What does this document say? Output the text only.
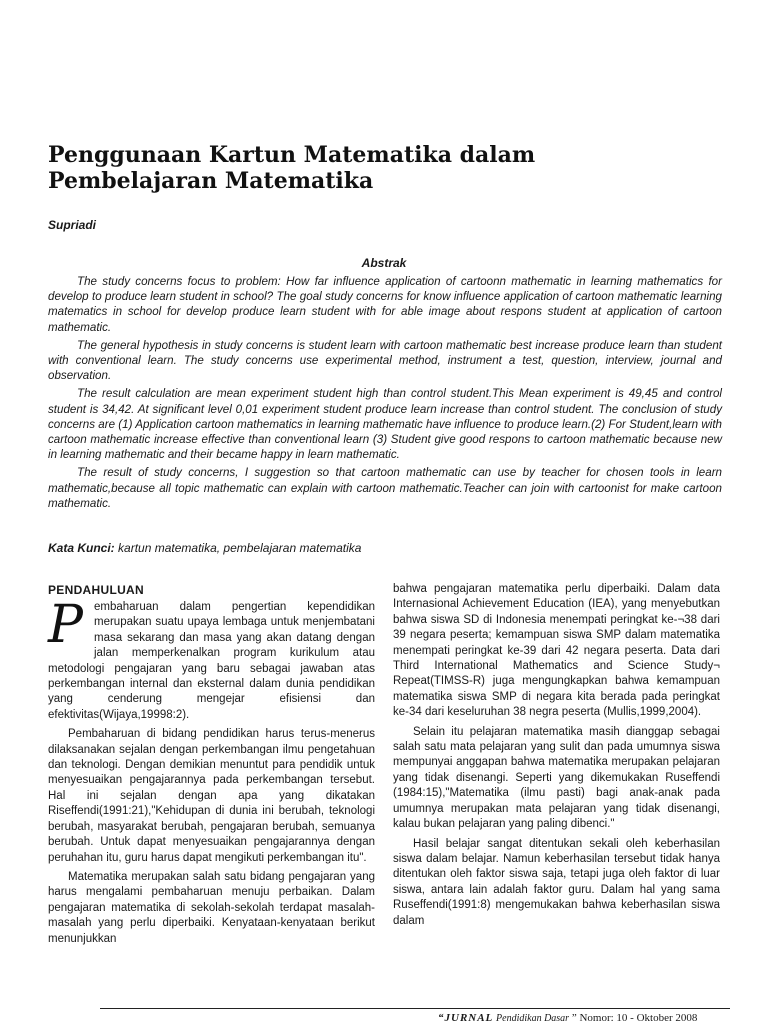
Penggunaan Kartun Matematika dalam
Pembelajaran Matematika
Supriadi
Abstrak

The study concerns focus to problem: How far influence application of cartoonn mathematic in learning mathematics for develop to produce learn student in school? The goal study concerns for know influence application of cartoon mathematic learning matematics in school for develop produce learn student with for able image about respons student at application of cartoon mathematic.

The general hypothesis in study concerns is student learn with cartoon mathematic best increase produce learn than student with conventional learn. The study concerns use experimental method, instrument a test, question, interview, journal and observation.

The result calculation are mean experiment student high than control student.This Mean experiment is 49,45 and control student is 34,42. At significant level 0,01 experiment student produce learn increase than control student. The conclusion of study concerns are (1) Application cartoon mathematics in learning mathematic have influence to produce learn.(2) For Student,learn with cartoon mathematic increase effective than conventional learn (3) Student give good respons to cartoon mathematic because new in learning mathematic and their became happy in learn mathematic.

The result of study concerns, I suggestion so that cartoon mathematic can use by teacher for chosen tools in learn mathematic,because all topic mathematic can explain with cartoon mathematic.Teacher can join with cartoonist for make cartoon mathematic.

Kata Kunci: kartun matematika, pembelajaran matematika
PENDAHULUAN

Pembaharuan dalam pengertian kependidikan merupakan suatu upaya lembaga untuk menjembatani masa sekarang dan masa yang akan datang dengan jalan memperkenalkan program kurikulum atau metodologi pengajaran yang baru sebagai jawaban atas perkembangan internal dan eksternal dalam dunia pendidikan yang cenderung mengejar efisiensi dan efektivitas(Wijaya,19998:2).

Pembaharuan di bidang pendidikan harus terus-menerus dilaksanakan sejalan dengan perkembangan ilmu pengetahuan dan teknologi. Dengan demikian menuntut para pendidik untuk menyesuaikan pengajarannya pada perkembangan tersebut. Hal ini sejalan dengan apa yang dikatakan Riseffendi(1991:21),"Kehidupan di dunia ini berubah, teknologi berubah, masyarakat berubah, pengajaran berubah, semuanya berubah. Untuk dapat menyesuaikan pengajarannya dengan peruhahan itu, guru harus dapat mengikuti perkembangan itu".

Matematika merupakan salah satu bidang pengajaran yang harus mengalami pembaharuan menuju perbaikan. Dalam pengajaran matematika di sekolah-sekolah terdapat masalah-masalah yang perlu diperbaiki. Kenyataan-kenyataan berikut menunjukkan

bahwa pengajaran matematika perlu diperbaiki. Dalam data Internasional Achievement Education (IEA), yang menyebutkan bahwa siswa SD di Indonesia menempati peringkat ke-¬38 dari 39 negara peserta; kemampuan siswa SMP dalam matematika menempati peringkat ke-39 dari 42 negara peserta. Data dari Third International Mathematics and Science Study¬ Repeat(TIMSS-R) juga mengungkapkan bahwa kemampuan matematika siswa SMP di negara kita berada pada peringkat ke-34 dari keseluruhan 38 negra peserta (Mullis,1999,2004).

Selain itu pelajaran matematika masih dianggap sebagai salah satu mata pelajaran yang sulit dan pada umumnya siswa mempunyai anggapan bahwa matematika merupakan pelajaran yang tidak disenangi. Seperti yang dikemukakan Ruseffendi (1984:15),"Matematika (ilmu pasti) bagi anak-anak pada umumnya merupakan mata pelajaran yang tidak disenangi, kalau bukan pelajaran yang paling dibenci."

Hasil belajar sangat ditentukan sekali oleh keberhasilan siswa dalam belajar. Namun keberhasilan tersebut tidak hanya ditentukan oleh faktor siswa saja, tetapi juga oleh faktor di luar siswa, antara lain adalah faktor guru. Dalam hal yang sama Ruseffendi(1991:8) mengemukakan bahwa keberhasilan siswa dalam

“JURNAL Pendidikan Dasar ” Nomor: 10 - Oktober 2008
